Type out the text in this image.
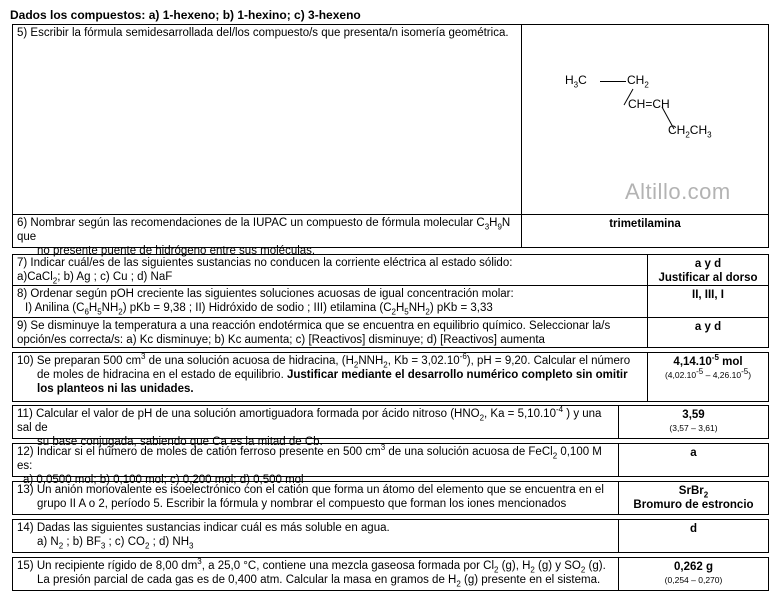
Dados los compuestos: a) 1-hexeno; b) 1-hexino; c) 3-hexeno
5) Escribir la fórmula semidesarrollada del/los compuesto/s que presenta/n isomería geométrica.
$H_3C$	$CH_2$
CH=CH
$CH_2CH_3$
Altillo.com
6) Nombrar según las recomendaciones de la IUPAC un compuesto de fórmula molecular $C_3H_9N$ que
no presente puente de hidrógeno entre sus moléculas.
trimetilamina
7) Indicar cuál/es de las siguientes sustancias no conducen la corriente eléctrica al estado sólido:
a)CaCl$_2$; b) Ag ; c) Cu ; d) NaF
a y d
Justificar al dorso
8) Ordenar según pOH creciente las siguientes soluciones acuosas de igual concentración molar:
I) Anilina $(C_6H_5NH_2)$ pKb = 9,38 ; II) Hidróxido de sodio ; III) etilamina $(C_2H_5NH_2)$ pKb = 3,33
II, III, I
9) Se disminuye la temperatura a una reacción endotérmica que se encuentra en equilibrio químico. Seleccionar la/s
opción/es correcta/s: a) Kc disminuye; b) Kc aumenta; c) [Reactivos] disminuye; d) [Reactivos] aumenta
a y d
10) Se preparan 500 $cm^3$ de una solución acuosa de hidracina, ($H_2NNH_2$, $Kb = 3,02.10^{-6}$), pH = 9,20. Calcular el número
de moles de hidracina en el estado de equilibrio. Justificar mediante el desarrollo numérico completo sin omitir
los planteos ni las unidades.
$4,14.10^{-5}$ mol
$(4,02.10^{-5} - 4,26.10^{-5})$
11) Calcular el valor de pH de una solución amortiguadora formada por ácido nitroso ($HNO_2$, $Ka = 5,10.10^{-4}$ ) y una sal de
su base conjugada, sabiendo que Ca es la mitad de Cb.
3,59
(3,57 – 3,61)
12) Indicar si el número de moles de catión ferroso presente en 500 $cm^3$ de una solución acuosa de FeCl$_2$ 0,100 M es:
a) 0,0500 mol; b) 0,100 mol; c) 0,200 mol; d) 0,500 mol
a
13) Un anión monovalente es isoelectrónico con el catión que forma un átomo del elemento que se encuentra en el
grupo II A o 2, período 5. Escribir la fórmula y nombrar el compuesto que forman los iones mencionados
SrBr$_2$
Bromuro de estroncio
14) Dadas las siguientes sustancias indicar cuál es más soluble en agua.
a) $N_2$ ; b) $BF_3$ ; c) $CO_2$ ; d) $NH_3$
d
15) Un recipiente rígido de 8,00 $dm^3$, a 25,0 °C, contiene una mezcla gaseosa formada por $Cl_2$ (g), $H_2$ (g) y $SO_2$ (g).
La presión parcial de cada gas es de 0,400 atm. Calcular la masa en gramos de $H_2$ (g) presente en el sistema.
0,262 g
(0,254 – 0,270)
